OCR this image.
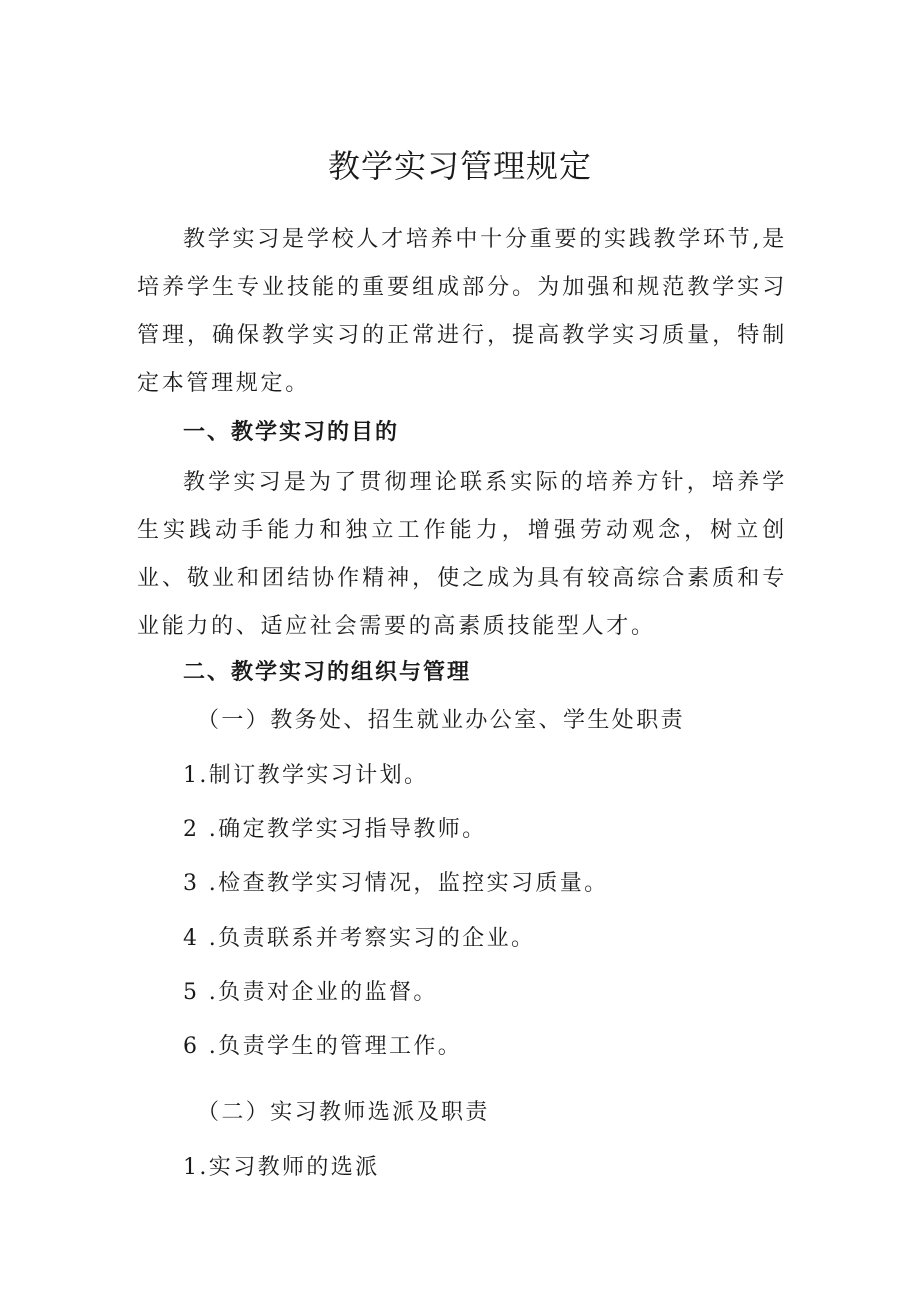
教学实习管理规定

教学实习是学校人才培养中十分重要的实践教学环节,是培养学生专业技能的重要组成部分。为加强和规范教学实习管理，确保教学实习的正常进行，提高教学实习质量，特制定本管理规定。

一、教学实习的目的

教学实习是为了贯彻理论联系实际的培养方针，培养学生实践动手能力和独立工作能力，增强劳动观念，树立创业、敬业和团结协作精神，使之成为具有较高综合素质和专业能力的、适应社会需要的高素质技能型人才。

二、教学实习的组织与管理

（一）教务处、招生就业办公室、学生处职责

1.制订教学实习计划。

2 .确定教学实习指导教师。

3 .检查教学实习情况，监控实习质量。

4 .负责联系并考察实习的企业。

5 .负责对企业的监督。

6 .负责学生的管理工作。

（二）实习教师选派及职责

1.实习教师的选派
